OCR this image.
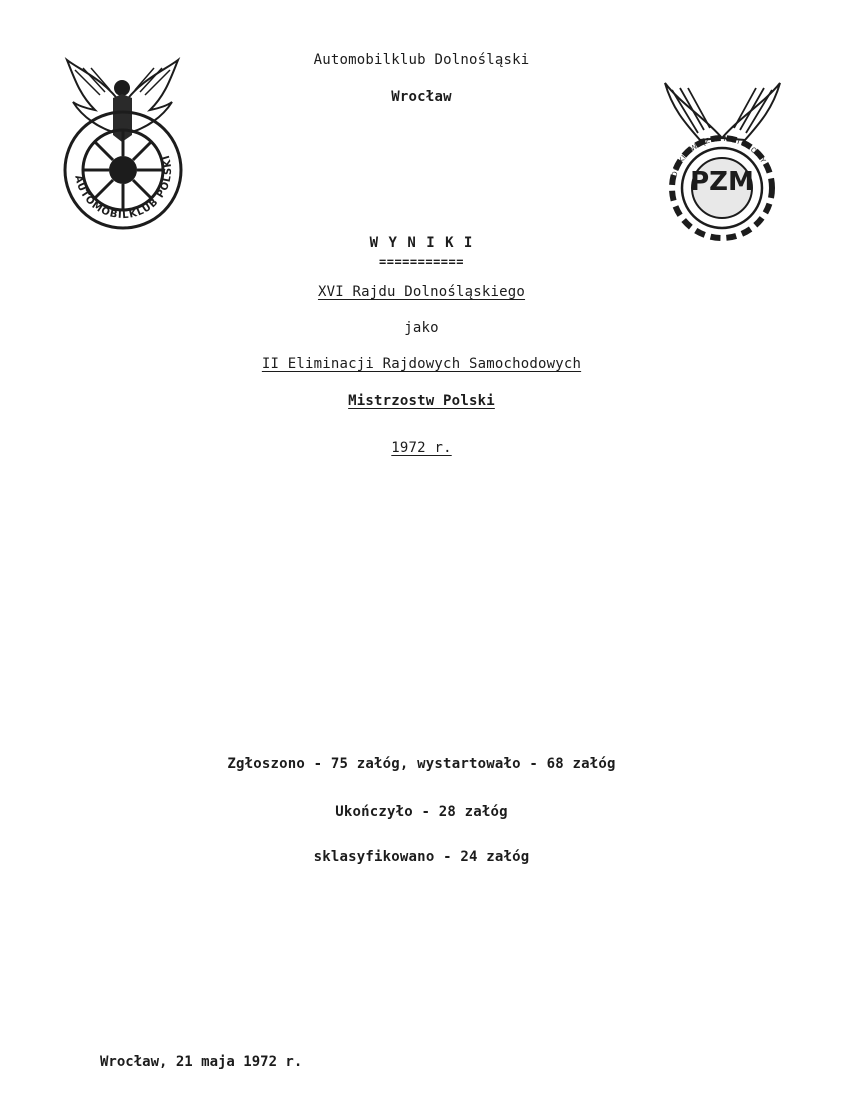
AUTOMOBILKLUB POLSKI
PZM
POLSKI ZWIĄZEK MOTOROWY
Automobilklub Dolnośląski
Wrocław
W Y N I K I
===========
XVI Rajdu Dolnośląskiego
jako
II Eliminacji Rajdowych Samochodowych
Mistrzostw Polski
1972 r.
Zgłoszono - 75 załóg, wystartowało - 68 załóg
Ukończyło - 28 załóg
sklasyfikowano - 24 załóg
Wrocław, 21 maja 1972 r.
